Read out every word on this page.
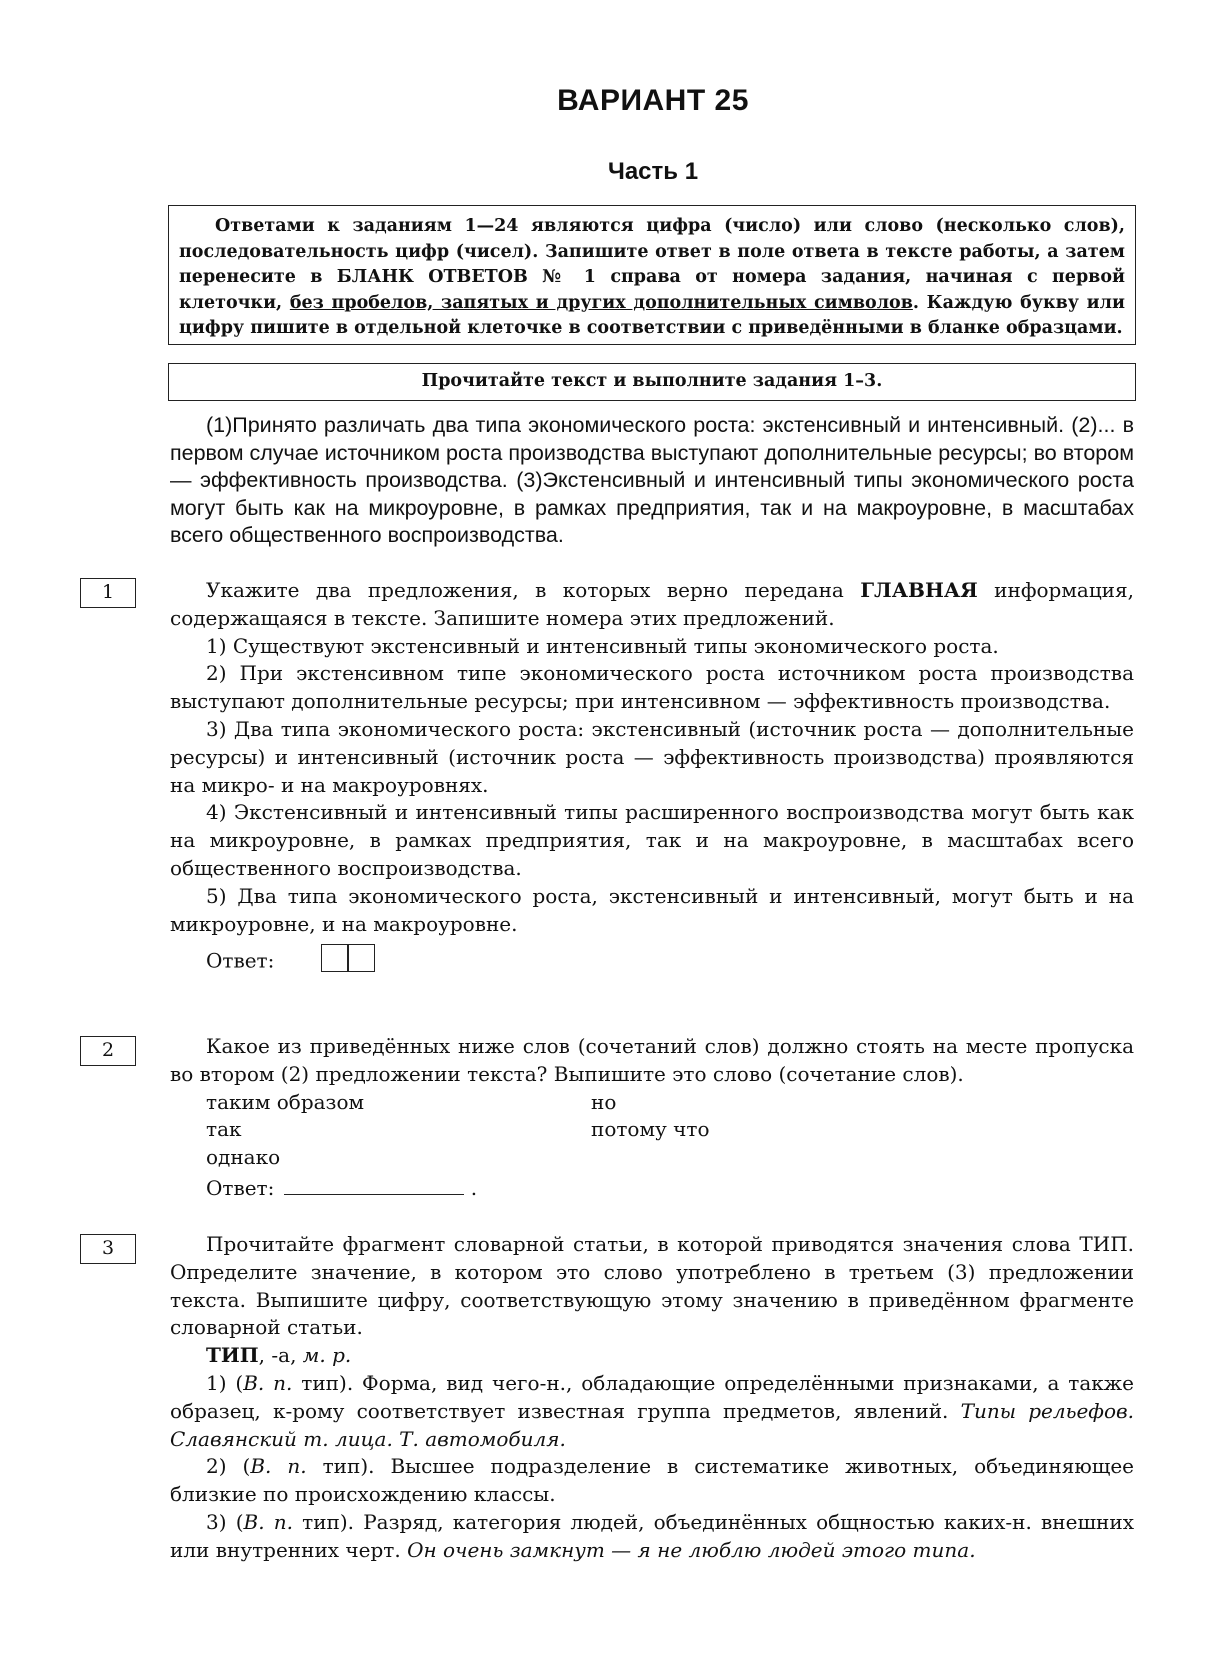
ВАРИАНТ 25
Часть 1

Ответами к заданиям 1—24 являются цифра (число) или слово (несколько слов), последовательность цифр (чисел). Запишите ответ в поле ответа в тексте работы, а затем перенесите в БЛАНК ОТВЕТОВ № 1 справа от номера задания, начиная с первой клеточки, без пробелов, запятых и других дополнительных символов. Каждую букву или цифру пишите в отдельной клеточке в соответствии с приведёнными в бланке образцами.

Прочитайте текст и выполните задания 1–3.

(1)Принято различать два типа экономического роста: экстенсивный и интенсивный. (2)... в первом случае источником роста производства выступают дополнительные ресурсы; во втором — эффективность производства. (3)Экстенсивный и интенсивный типы экономического роста могут быть как на микроуровне, в рамках предприятия, так и на макроуровне, в масштабах всего общественного воспроизводства.

1	Укажите два предложения, в которых верно передана ГЛАВНАЯ информация, содержащаяся в тексте. Запишите номера этих предложений.

1) Существуют экстенсивный и интенсивный типы экономического роста.

2) При экстенсивном типе экономического роста источником роста производства выступают дополнительные ресурсы; при интенсивном — эффективность производства.

3) Два типа экономического роста: экстенсивный (источник роста — дополнительные ресурсы) и интенсивный (источник роста — эффективность производства) проявляются на микро- и на макроуровнях.

4) Экстенсивный и интенсивный типы расширенного воспроизводства могут быть как на микроуровне, в рамках предприятия, так и на макроуровне, в масштабах всего общественного воспроизводства.

5) Два типа экономического роста, экстенсивный и интенсивный, могут быть и на микроуровне, и на макроуровне.

Ответ:

2	Какое из приведённых ниже слов (сочетаний слов) должно стоять на месте пропуска во втором (2) предложении текста? Выпишите это слово (сочетание слов).

таким образом	но
так	потому что
однако

Ответ:	.

3	Прочитайте фрагмент словарной статьи, в которой приводятся значения слова ТИП. Определите значение, в котором это слово употреблено в третьем (3) предложении текста. Выпишите цифру, соответствующую этому значению в приведённом фрагменте словарной статьи.

ТИП, -а, м. р.

1) (В. п. тип). Форма, вид чего-н., обладающие определёнными признаками, а также образец, к-рому соответствует известная группа предметов, явлений. Типы рельефов. Славянский т. лица. Т. автомобиля.

2) (В. п. тип). Высшее подразделение в систематике животных, объединяющее близкие по происхождению классы.

3) (В. п. тип). Разряд, категория людей, объединённых общностью каких-н. внешних или внутренних черт. Он очень замкнут — я не люблю людей этого типа.
